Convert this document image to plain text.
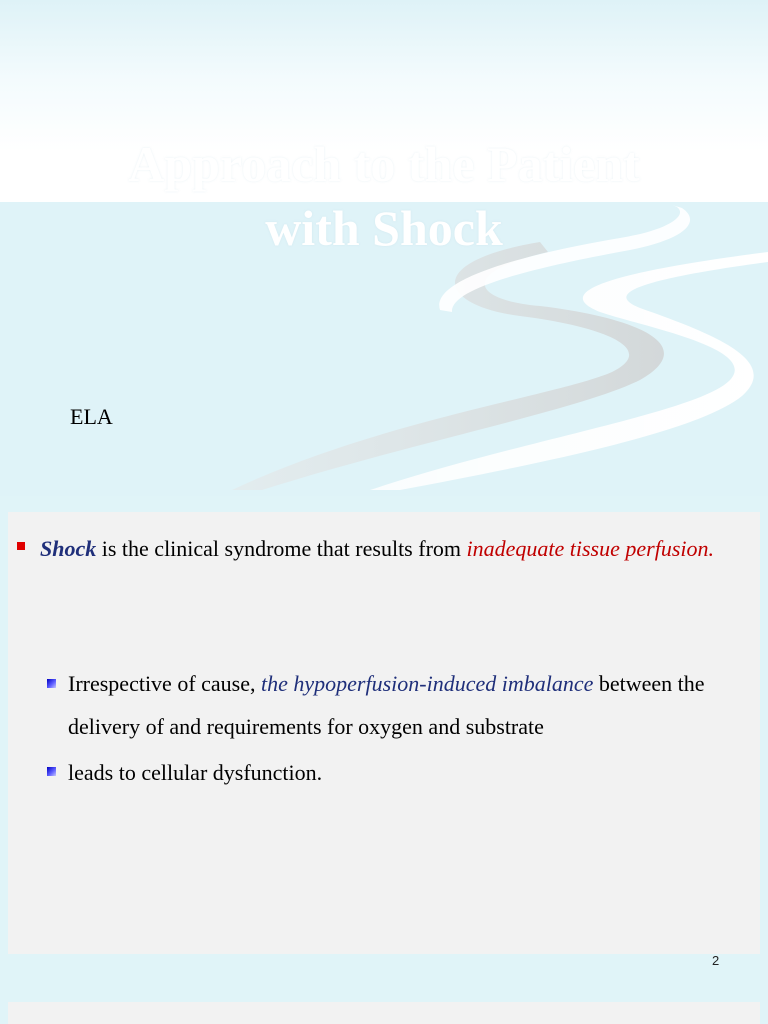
Approach to the Patient
with Shock
ELA
Shock is the clinical syndrome that results from inadequate tissue perfusion.
Irrespective of cause, the hypoperfusion-induced imbalance between the delivery of and requirements for oxygen and substrate
leads to cellular dysfunction.
2
